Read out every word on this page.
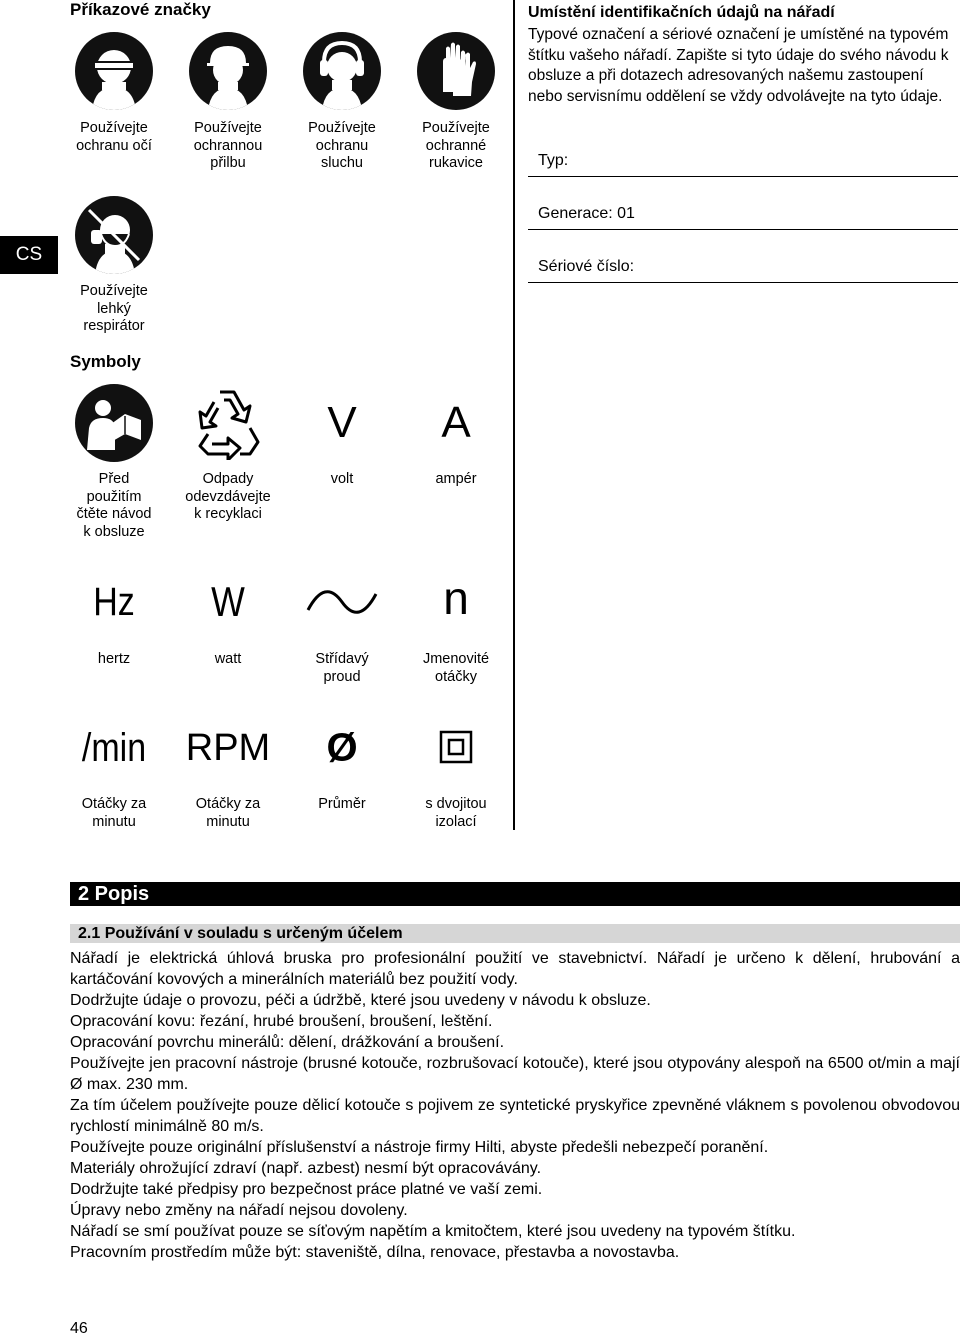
Příkazové značky
Používejte
ochranu očí
Používejte
ochrannou
přilbu
Používejte
ochranu
sluchu
Používejte
ochranné
rukavice
Používejte
lehký
respirátor
CS
Symboly
Před
použitím
čtěte návod
k obsluze
Odpady
odevzdávejte
k recyklaci
V
volt
A
ampér
Hz
hertz
W
watt	Střídavý
proud
n
Jmenovité
otáčky
/min
Otáčky za
minutu
RPM
Otáčky za
minutu
Ø
Průměr	s dvojitou
izolací
Umístění identifikačních údajů na nářadí
Typové označení a sériové označení je umístěné na typovém štítku vašeho nářadí. Zapište si tyto údaje do svého návodu k obsluze a při dotazech adresovaných našemu zastoupení nebo servisnímu oddělení se vždy odvolávejte na tyto údaje.
Typ:
Generace: 01
Sériové číslo:
2 Popis
2.1 Používání v souladu s určeným účelem

Nářadí je elektrická úhlová bruska pro profesionální použití ve stavebnictví. Nářadí je určeno k dělení, hrubování a kartáčování kovových a minerálních materiálů bez použití vody.

Dodržujte údaje o provozu, péči a údržbě, které jsou uvedeny v návodu k obsluze.

Opracování kovu: řezání, hrubé broušení, broušení, leštění.

Opracování povrchu minerálů: dělení, drážkování a broušení.

Používejte jen pracovní nástroje (brusné kotouče, rozbrušovací kotouče), které jsou otypovány alespoň na 6500 ot/min a mají Ø max. 230 mm.

Za tím účelem používejte pouze dělicí kotouče s pojivem ze syntetické pryskyřice zpevněné vláknem s povolenou obvodovou rychlostí minimálně 80 m/s.

Používejte pouze originální příslušenství a nástroje firmy Hilti, abyste předešli nebezpečí poranění.

Materiály ohrožující zdraví (např. azbest) nesmí být opracovávány.

Dodržujte také předpisy pro bezpečnost práce platné ve vaší zemi.

Úpravy nebo změny na nářadí nejsou dovoleny.

Nářadí se smí používat pouze se síťovým napětím a kmitočtem, které jsou uvedeny na typovém štítku.

Pracovním prostředím může být: staveniště, dílna, renovace, přestavba a novostavba.

46
